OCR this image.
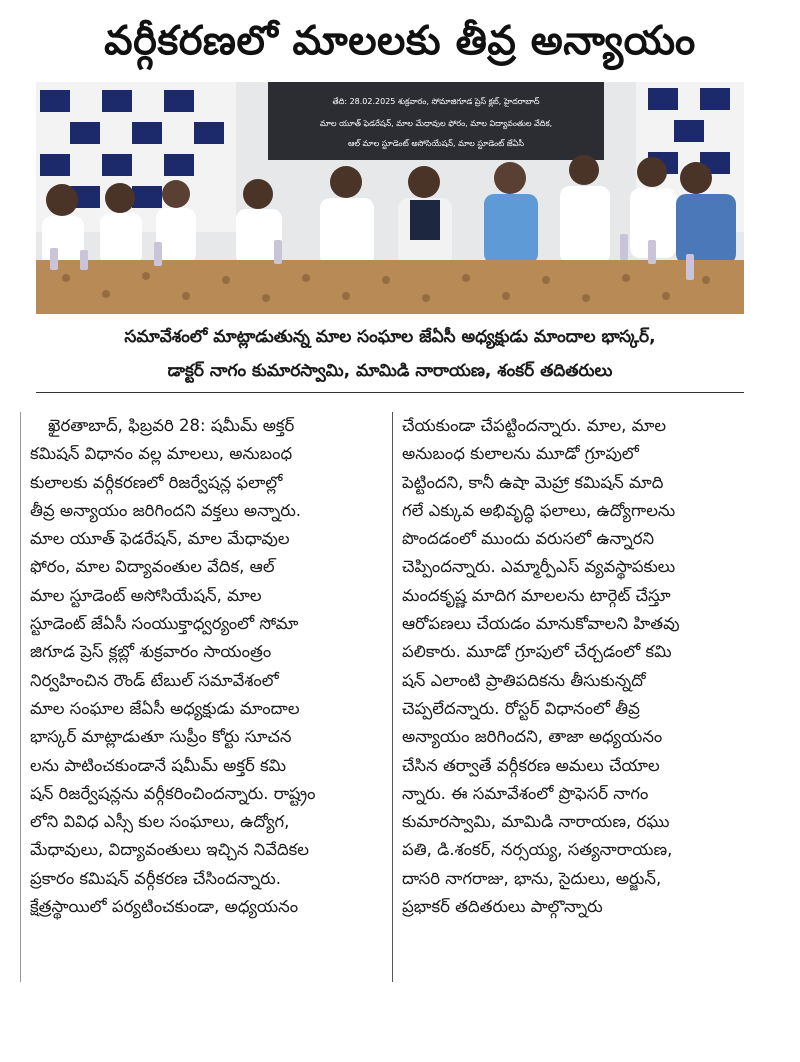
వర్గీకరణలో మాలలకు తీవ్ర అన్యాయం
తేది: 28.02.2025 శుక్రవారం, సోమాజిగూడ ప్రెస్ క్లబ్, హైదరాబాద్
మాల యూత్ ఫెడరేషన్, మాల మేధావుల ఫోరం, మాల విద్యావంతుల వేదిక,
ఆల్ మాల స్టూడెంట్ అసోసియేషన్, మాల స్టూడెంట్ జేఏసీ
సమావేశంలో మాట్లాడుతున్న మాల సంఘాల జేఏసీ అధ్యక్షుడు మాందాల భాస్కర్,
డాక్టర్ నాగం కుమారస్వామి, మామిడి నారాయణ, శంకర్ తదితరులు
ఖైరతాబాద్, ఫిబ్రవరి 28: షమీమ్ అక్తర్
కమిషన్ విధానం వల్ల మాలలు, అనుబంధ
కులాలకు వర్గీకరణలో రిజర్వేషన్ల ఫలాల్లో
తీవ్ర అన్యాయం జరిగిందని వక్తలు అన్నారు.
మాల యూత్ ఫెడరేషన్, మాల మేధావుల
ఫోరం, మాల విద్యావంతుల వేదిక, ఆల్
మాల స్టూడెంట్ అసోసియేషన్, మాల
స్టూడెంట్ జేఏసీ సంయుక్తాధ్వర్యంలో సోమా
జిగూడ ప్రెస్ క్లబ్లో శుక్రవారం సాయంత్రం
నిర్వహించిన రౌండ్ టేబుల్ సమావేశంలో
మాల సంఘాల జేఏసీ అధ్యక్షుడు మాందాల
భాస్కర్ మాట్లాడుతూ సుప్రీం కోర్టు సూచన
లను పాటించకుండానే షమీమ్ అక్తర్ కమి
షన్ రిజర్వేషన్లను వర్గీకరించిందన్నారు. రాష్ట్రం
లోని వివిధ ఎస్సీ కుల సంఘాలు, ఉద్యోగ,
మేధావులు, విద్యావంతులు ఇచ్చిన నివేదికల
ప్రకారం కమిషన్ వర్గీకరణ చేసిందన్నారు.
క్షేత్రస్థాయిలో పర్యటించకుండా, అధ్యయనం
చేయకుండా చేపట్టిందన్నారు. మాల, మాల
అనుబంధ కులాలను మూడో గ్రూపులో
పెట్టిందని, కానీ ఉషా మెహ్రా కమిషన్ మాది
గలే ఎక్కువ అభివృద్ధి ఫలాలు, ఉద్యోగాలను
పొందడంలో ముందు వరుసలో ఉన్నారని
చెప్పిందన్నారు. ఎమ్మార్పీఎస్ వ్యవస్థాపకులు
మందకృష్ణ మాదిగ మాలలను టార్గెట్ చేస్తూ
ఆరోపణలు చేయడం మానుకోవాలని హితవు
పలికారు. మూడో గ్రూపులో చేర్చడంలో కమి
షన్ ఎలాంటి ప్రాతిపదికను తీసుకున్నదో
చెప్పలేదన్నారు. రోస్టర్ విధానంలో తీవ్ర
అన్యాయం జరిగిందని, తాజా అధ్యయనం
చేసిన తర్వాతే వర్గీకరణ అమలు చేయాల
న్నారు. ఈ సమావేశంలో ప్రొఫెసర్ నాగం
కుమారస్వామి, మామిడి నారాయణ, రఘు
పతి, డి.శంకర్, నర్సయ్య, సత్యనారాయణ,
దాసరి నాగరాజు, భాను, సైదులు, అర్జున్,
ప్రభాకర్ తదితరులు పాల్గొన్నారు
